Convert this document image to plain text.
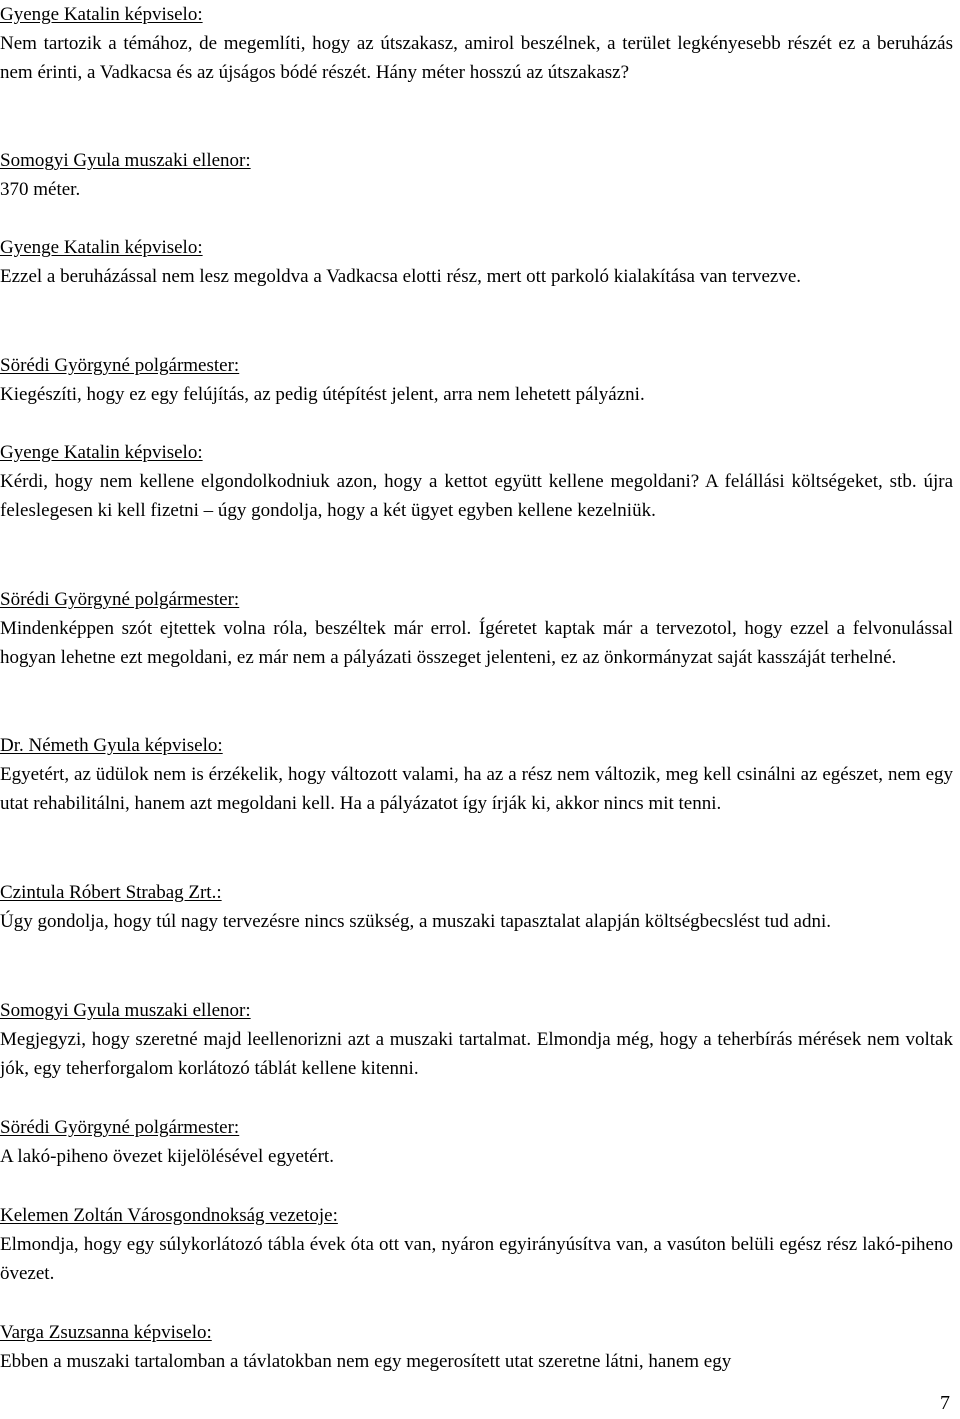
Gyenge Katalin képviselo:
Nem tartozik a témához, de megemlíti, hogy az útszakasz, amirol beszélnek, a terület legkényesebb részét ez a beruházás nem érinti, a Vadkacsa és az újságos bódé részét. Hány méter hosszú az útszakasz?
Somogyi Gyula muszaki ellenor:
370 méter.
Gyenge Katalin képviselo:
Ezzel a beruházással nem lesz megoldva a Vadkacsa elotti rész, mert ott parkoló kialakítása van tervezve.
Sörédi Györgyné polgármester:
Kiegészíti, hogy ez egy felújítás, az pedig útépítést jelent, arra nem lehetett pályázni.
Gyenge Katalin képviselo:
Kérdi, hogy nem kellene elgondolkodniuk azon, hogy a kettot együtt kellene megoldani? A felállási költségeket, stb. újra feleslegesen ki kell fizetni – úgy gondolja, hogy a két ügyet egyben kellene kezelniük.
Sörédi Györgyné polgármester:
Mindenképpen szót ejtettek volna róla, beszéltek már errol. Ígéretet kaptak már a tervezotol, hogy ezzel a felvonulással hogyan lehetne ezt megoldani, ez már nem a pályázati összeget jelenteni, ez az önkormányzat saját kasszáját terhelné.
Dr. Németh Gyula képviselo:
Egyetért, az üdülok nem is érzékelik, hogy változott valami, ha az a rész nem változik, meg kell csinálni az egészet, nem egy utat rehabilitálni, hanem azt megoldani kell. Ha a pályázatot így írják ki, akkor nincs mit tenni.
Czintula Róbert Strabag Zrt.:
Úgy gondolja, hogy túl nagy tervezésre nincs szükség, a muszaki tapasztalat alapján költségbecslést tud adni.
Somogyi Gyula muszaki ellenor:
Megjegyzi, hogy szeretné majd leellenorizni azt a muszaki tartalmat. Elmondja még, hogy a teherbírás mérések nem voltak jók, egy teherforgalom korlátozó táblát kellene kitenni.
Sörédi Györgyné polgármester:
A lakó-piheno övezet kijelölésével egyetért.
Kelemen Zoltán Városgondnokság vezetoje:
Elmondja, hogy egy súlykorlátozó tábla évek óta ott van, nyáron egyirányúsítva van, a vasúton belüli egész rész lakó-piheno övezet.
Varga Zsuzsanna képviselo:
Ebben a muszaki tartalomban a távlatokban nem egy megerosített utat szeretne látni, hanem egy
7
